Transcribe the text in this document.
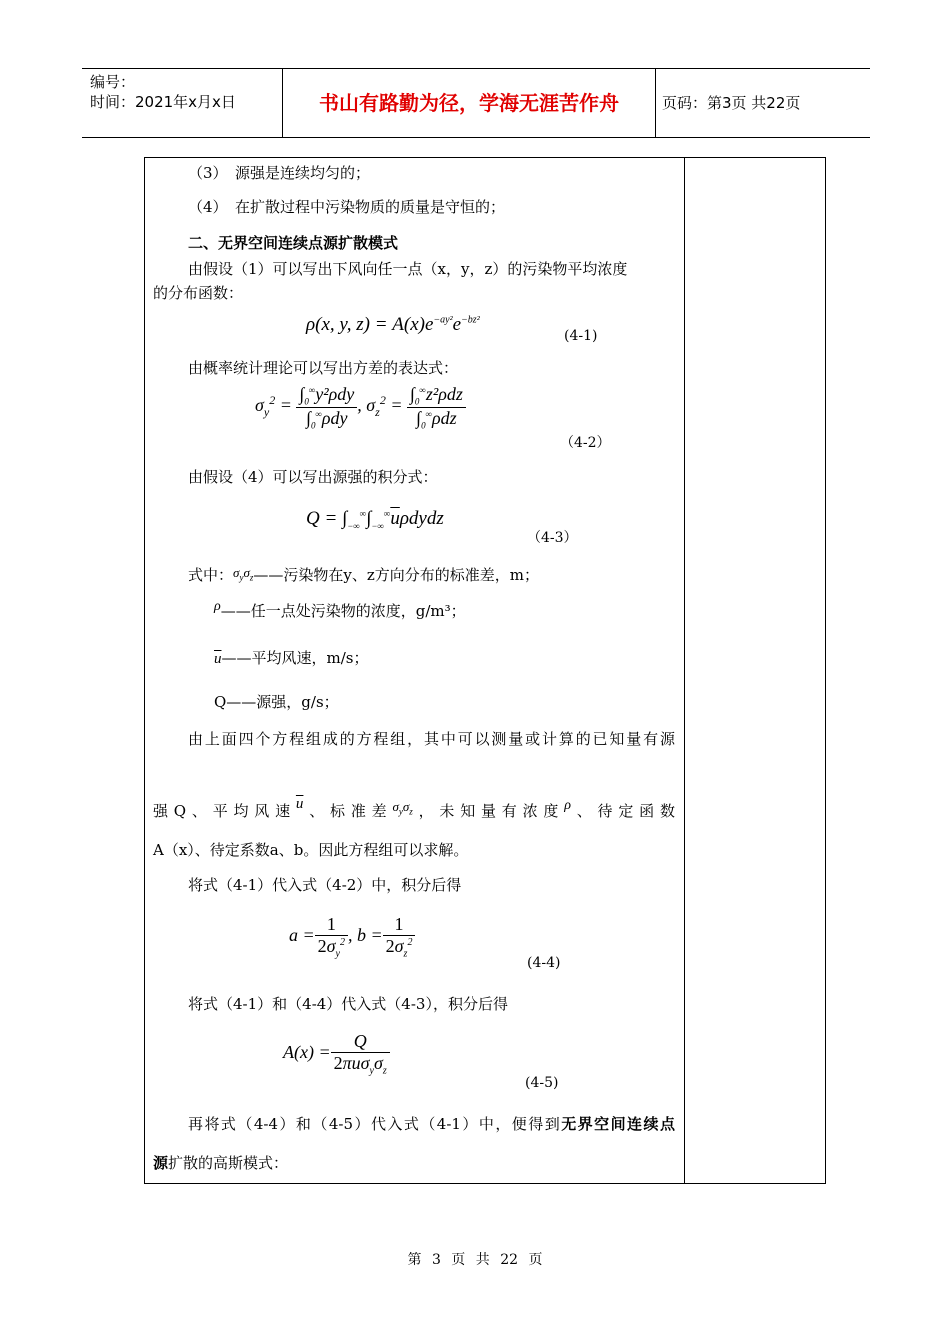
编号：
时间：2021年x月x日	书山有路勤为径，学海无涯苦作舟	页码：第3页 共22页
（3）　源强是连续均匀的；
（4）　在扩散过程中污染物质的质量是守恒的；
二、无界空间连续点源扩散模式
由假设（1）可以写出下风向任一点（x，y，z）的污染物平均浓度
的分布函数：
ρ(x, y, $z) = A(x)e^{-ay^2}e^{-bz^2}$
(4-1)
由概率统计理论可以写出方差的表达式：
$\sigma_y^2 = \frac{\int_0^\infty y^2\rho dy}{\int_0^\infty\rho dy}$ , $\sigma_z^2 = \frac{\int_0^\infty z^2\rho dz}{\int_0^\infty\rho dz}$
（4-2）
由假设（4）可以写出源强的积分式：
$Q = \int_{-\infty}^\infty\int_{-\infty}^\infty\overline{u}\rho dydz$
（4-3）
式中：$\sigma_y\sigma_z——$污染物在y、z方向分布的标准差，m；
ρ——任一点处污染物的浓度，g/m³；
$\overline{u}——$平均风速，m/s；
Q——源强，g/s；
由上面四个方程组成的方程组，其中可以测量或计算的已知量有源
强Q、平均风速$\overline{u}$、标准差$\sigma_y\sigma_z$，未知量有浓度ρ、待定函数
A（x）、待定系数a、b。因此方程组可以求解。
将式（4-1）代入式（4-2）中，积分后得
$a = \frac{1}{2\sigma_y^2}$ , $b = \frac{1}{2\sigma_z^2}$
(4-4)
将式（4-1）和（4-4）代入式（4-3），积分后得
$A(x) = \frac{Q}{2\pi\overline{u}\sigma_y\sigma_z}$
(4-5)
再将式（4-4）和（4-5）代入式（4-1）中，便得到无界空间连续点
源扩散的高斯模式：
第 3 页 共 22 页
